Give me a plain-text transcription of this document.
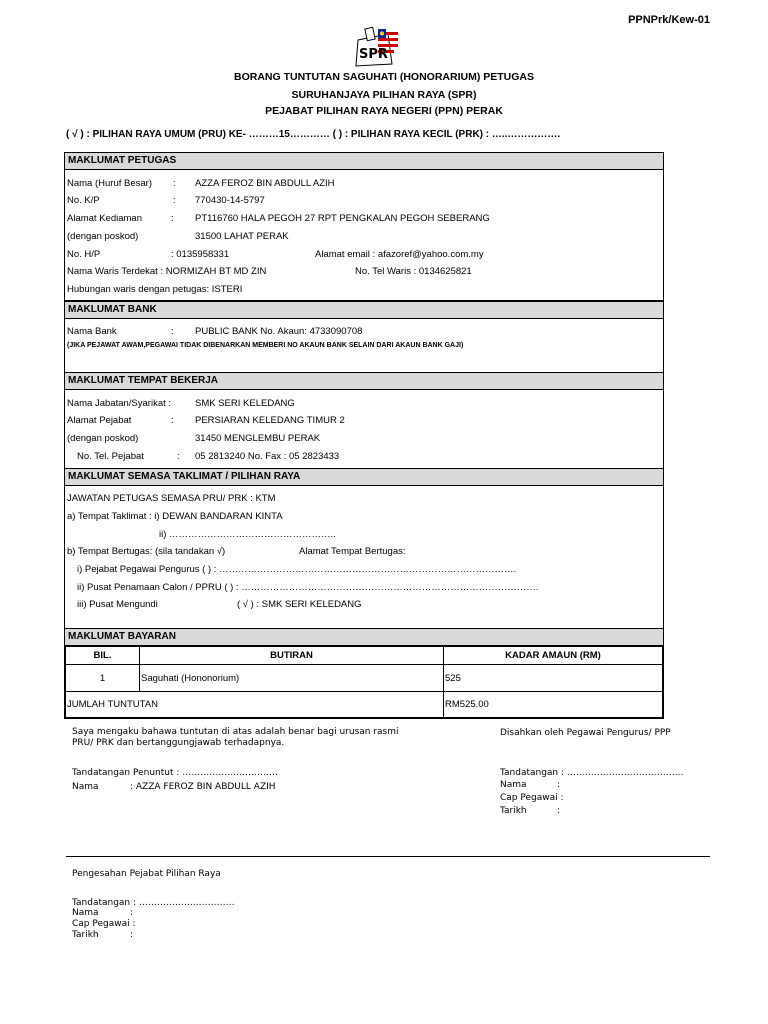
PPNPrk/Kew-01
SPR
BORANG TUNTUTAN SAGUHATI (HONORARIUM) PETUGAS
SURUHANJAYA PILIHAN RAYA (SPR)
PEJABAT PILIHAN RAYA NEGERI (PPN) PERAK
( √ ) : PILIHAN RAYA UMUM (PRU) KE- ………15………… ( ) : PILIHAN RAYA KECIL (PRK) : …..…………….
MAKLUMAT PETUGAS
Nama (Huruf Besar) : AZZA FEROZ BIN ABDULL AZIH
No. K/P	: 770430-14-5797
Alamat Kediaman	: PT116760 HALA PEGOH 27 RPT PENGKALAN PEGOH SEBERANG
(dengan poskod)	31500 LAHAT PERAK
No. H/P	: 0135958331	Alamat email : afazoref@yahoo.com.my
Nama Waris Terdekat : NORMIZAH BT MD ZIN	No. Tel Waris : 0134625821
Hubungan waris dengan petugas: ISTERI
MAKLUMAT BANK
Nama Bank	: PUBLIC BANK No. Akaun: 4733090708
(JIKA PEJAWAT AWAM,PEGAWAI TIDAK DIBENARKAN MEMBERI NO AKAUN BANK SELAIN DARI AKAUN BANK GAJI)
MAKLUMAT TEMPAT BEKERJA
Nama Jabatan/Syarikat :	SMK SERI KELEDANG
Alamat Pejabat	: PERSIARAN KELEDANG TIMUR 2
(dengan poskod)	31450 MENGLEMBU PERAK
No. Tel. Pejabat	: 05 2813240 No. Fax : 05 2823433
MAKLUMAT SEMASA TAKLIMAT / PILIHAN RAYA
JAWATAN PETUGAS SEMASA PRU/ PRK : KTM
a) Tempat Taklimat : i) DEWAN BANDARAN KINTA
ii) ……………………………………………..
b) Tempat Bertugas: (sila tandakan √)	Alamat Tempat Bertugas:
i) Pejabat Pegawai Pengurus ( ) : ………………………………………………………………………………….
ii) Pusat Penamaan Calon / PPRU ( ) : ………………………………………………………………………………….
iii) Pusat Mengundi	( √ ) : SMK SERI KELEDANG
MAKLUMAT BAYARAN
BIL.	BUTIRAN	KADAR AMAUN (RM)
1	Saguhati (Hononorium)	525
JUMLAH TUNTUTAN		RM525.00
Saya mengaku bahawa tuntutan di atas adalah benar bagi urusan rasmi
PRU/ PRK dan bertanggungjawab terhadapnya.
Disahkan oleh Pegawai Pengurus/ PPP
Tandatangan Penuntut : ………………..…………
Nama	: AZZA FEROZ BIN ABDULL AZIH
Tandatangan : ….……………………………..
Nama	:
Cap Pegawai :
Tarikh	:
Pengesahan Pejabat Pilihan Raya
Tandatangan : ………………..…………
Nama	:
Cap Pegawai :
Tarikh	:
